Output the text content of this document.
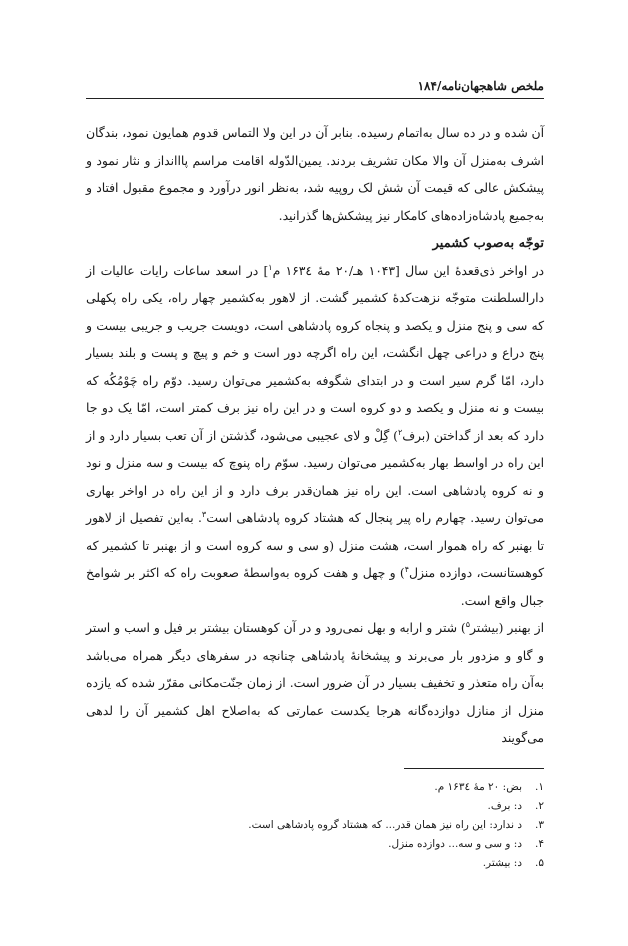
ملخص شاهجهان‌نامه/۱۸۴

آن شده و در ده سال به‌اتمام رسیده. بنابر آن در این ولا التماس قدوم همایون نمود، بندگان اشرف به‌منزل آن والا مکان تشریف بردند. یمین‌الدّوله اقامت مراسم پااانداز و نثار نمود و پیشکش عالی که قیمت آن شش لک روپیه شد، به‌نظر انور درآورد و مجموع مقبول افتاد و به‌جمیع پادشاه‌زاده‌های کامکار نیز پیشکش‌ها گذرانید.

توجّه به‌صوب کشمیر

در اواخر ذی‌قعدهٔ این سال [۱۰۴۳ هـ/۲۰ مهٔ ۱۶۳٤ م$^۱$] در اسعد ساعات رایات عالیات از دارالسلطنت متوجّه نزهت‌کدهٔ کشمیر گشت. از لاهور به‌کشمیر چهار راه، یکی راه پکهلی که سی و پنج منزل و یکصد و پنجاه کروه پادشاهی است، دویست جریب و جریبی بیست و پنج دراع و دراعی چهل انگشت، این راه اگرچه دور است و خم و پیچ و پست و بلند بسیار دارد، امّا گرم سیر است و در ابتدای شگوفه به‌کشمیر می‌توان رسید. دوّم راه چَوْمُکُه که بیست و نه منزل و یکصد و دو کروه است و در این راه نیز برف کمتر است، امّا یک دو جا دارد که بعد از گداختن (برف$^۲$) گِلْ و لای عجیبی می‌شود، گذشتن از آن تعب بسیار دارد و از این راه در اواسط بهار به‌کشمیر می‌توان رسید. سوّم راه پنوچ که بیست و سه منزل و نود و نه کروه پادشاهی است. این راه نیز همان‌قدر برف دارد و از این راه در اواخر بهاری می‌توان رسید. چهارم راه پیر پنجال که هشتاد کروه پادشاهی است$^۳$. به‌این تفصیل از لاهور تا بهنبر که راه هموار است، هشت منزل (و سی و سه کروه است و از بهنبر تا کشمیر که کوهستانست، دوازده منزل$^۴$) و چهل و هفت کروه به‌واسطهٔ صعوبت راه که اکثر بر شوامخ جبال واقع است.

از بهنبر (بیشتر$^۵$) شتر و ارابه و بهل نمی‌رود و در آن کوهستان بیشتر بر فیل و اسب و استر و گاو و مزدور بار می‌برند و پیشخانهٔ پادشاهی چنانچه در سفرهای دیگر همراه می‌باشد به‌آن راه متعذر و تخفیف بسیار در آن ضرور است. از زمان جنّت‌مکانی مقرّر شده که یازده منزل از منازل دوازده‌گانه هرجا یکدست عمارتی که به‌اصلاح اهل کشمیر آن را لدهی می‌گویند

۱.
بض: ۲۰ مهٔ ۱۶۳٤ م.
۲.
د: برف.
۳.
د ندارد: این راه نیز همان قدر... که هشتاد گروه پادشاهی است.
۴.
د: و سی و سه... دوازده منزل.
۵.
د: بیشتر.
